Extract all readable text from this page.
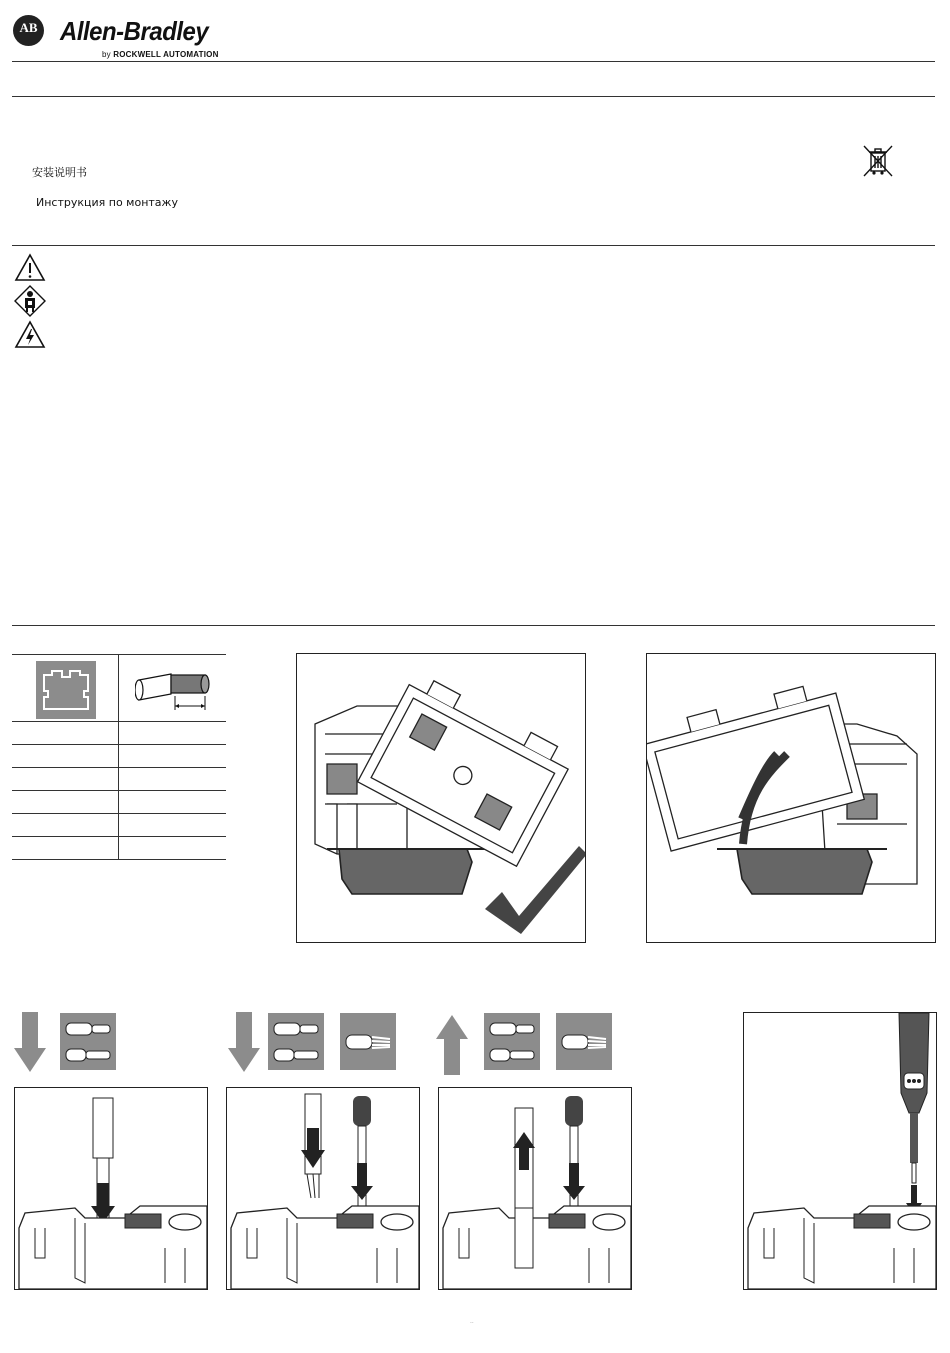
AB Allen-Bradley
by ROCKWELL AUTOMATION
安装说明书
Инструкция по монтажу

··
